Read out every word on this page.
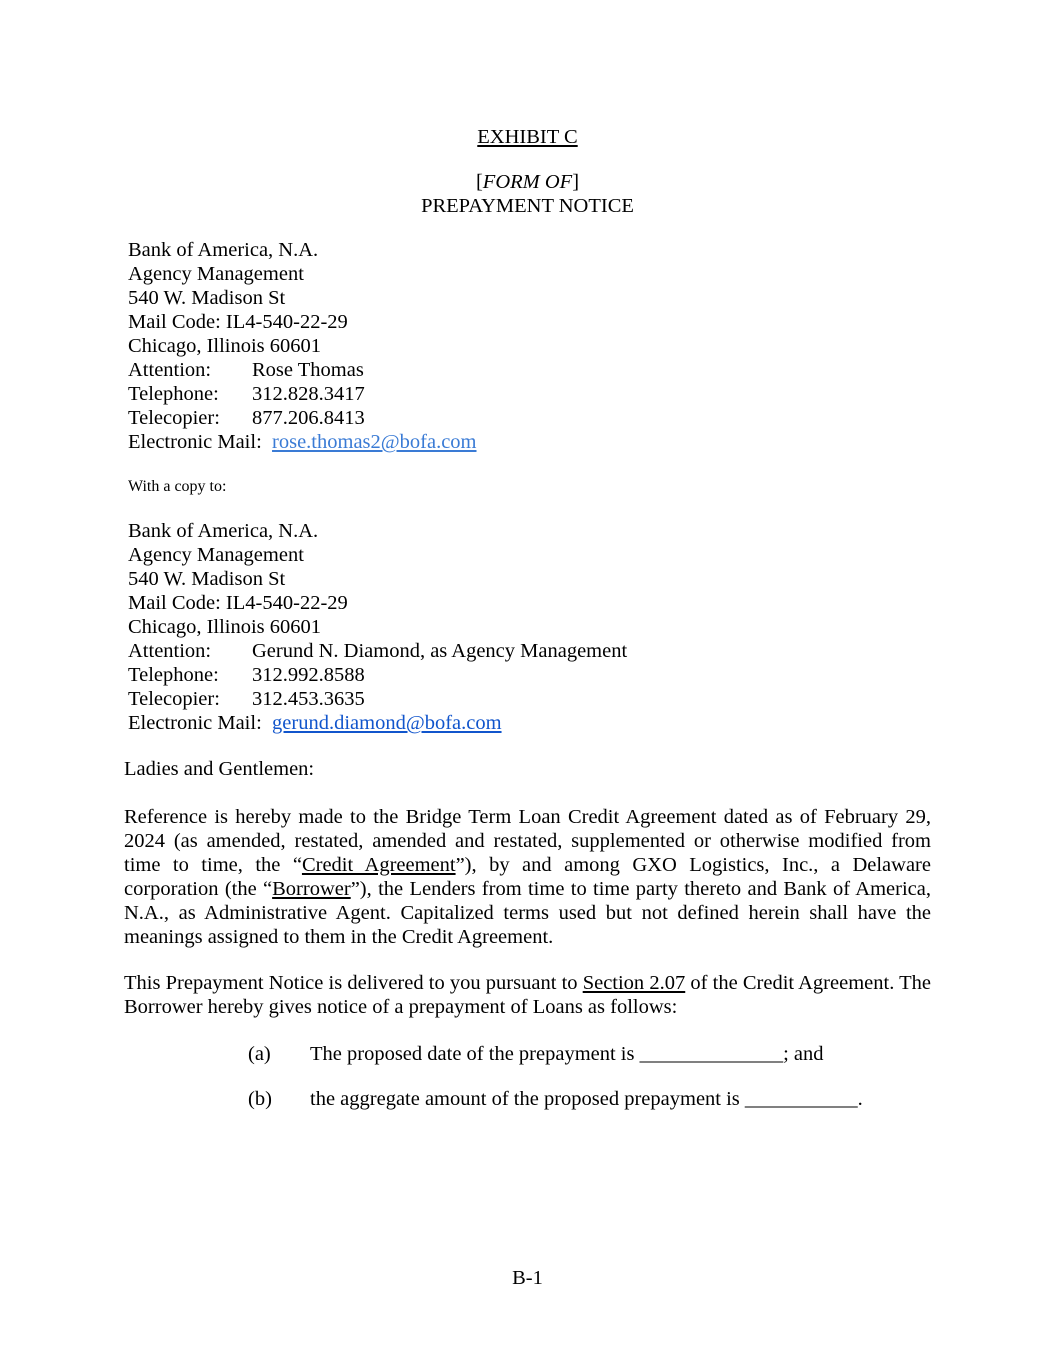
EXHIBIT C
[FORM OF]
PREPAYMENT NOTICE
Bank of America, N.A.
Agency Management
540 W. Madison St
Mail Code: IL4-540-22-29
Chicago, Illinois 60601
Attention: Rose Thomas
Telephone: 312.828.3417
Telecopier: 877.206.8413
Electronic Mail: rose.thomas2@bofa.com
With a copy to:
Bank of America, N.A.
Agency Management
540 W. Madison St
Mail Code: IL4-540-22-29
Chicago, Illinois 60601
Attention: Gerund N. Diamond, as Agency Management
Telephone: 312.992.8588
Telecopier: 312.453.3635
Electronic Mail: gerund.diamond@bofa.com
Ladies and Gentlemen:
Reference is hereby made to the Bridge Term Loan Credit Agreement dated as of February 29, 2024 (as amended, restated, amended and restated, supplemented or otherwise modified from time to time, the “Credit Agreement”), by and among GXO Logistics, Inc., a Delaware corporation (the “Borrower”), the Lenders from time to time party thereto and Bank of America, N.A., as Administrative Agent. Capitalized terms used but not defined herein shall have the meanings assigned to them in the Credit Agreement.
This Prepayment Notice is delivered to you pursuant to Section 2.07 of the Credit Agreement. The Borrower hereby gives notice of a prepayment of Loans as follows:
(a) The proposed date of the prepayment is ______________; and
(b) the aggregate amount of the proposed prepayment is ___________.
B-1
